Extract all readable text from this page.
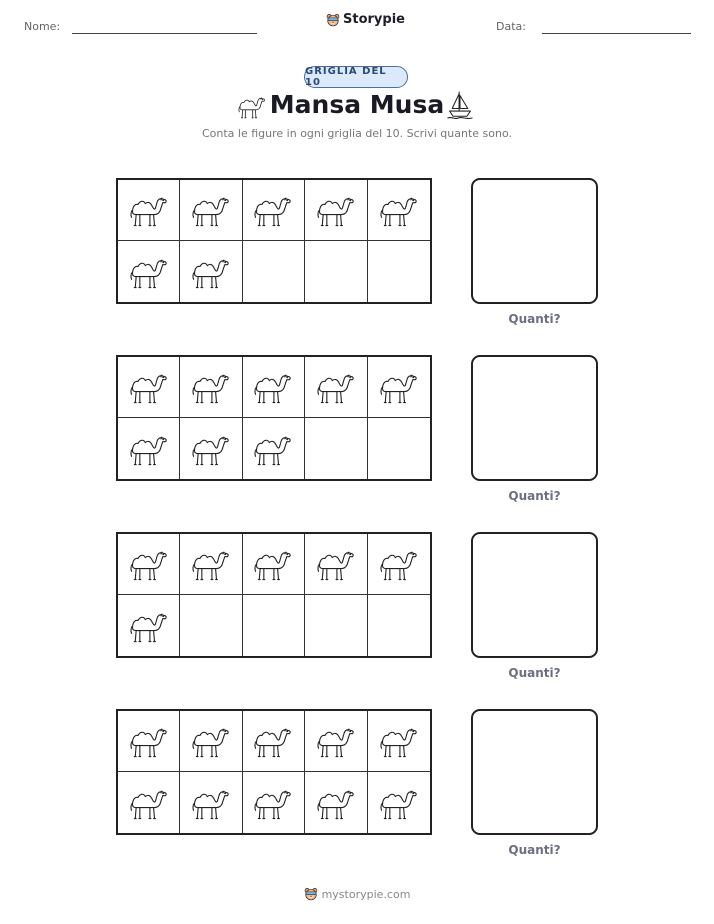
Nome:	Storypie	Data:
GRIGLIA DEL 10
Mansa Musa
Conta le figure in ogni griglia del 10. Scrivi quante sono.
Quanti?
Quanti?
Quanti?
Quanti?
mystorypie.com
